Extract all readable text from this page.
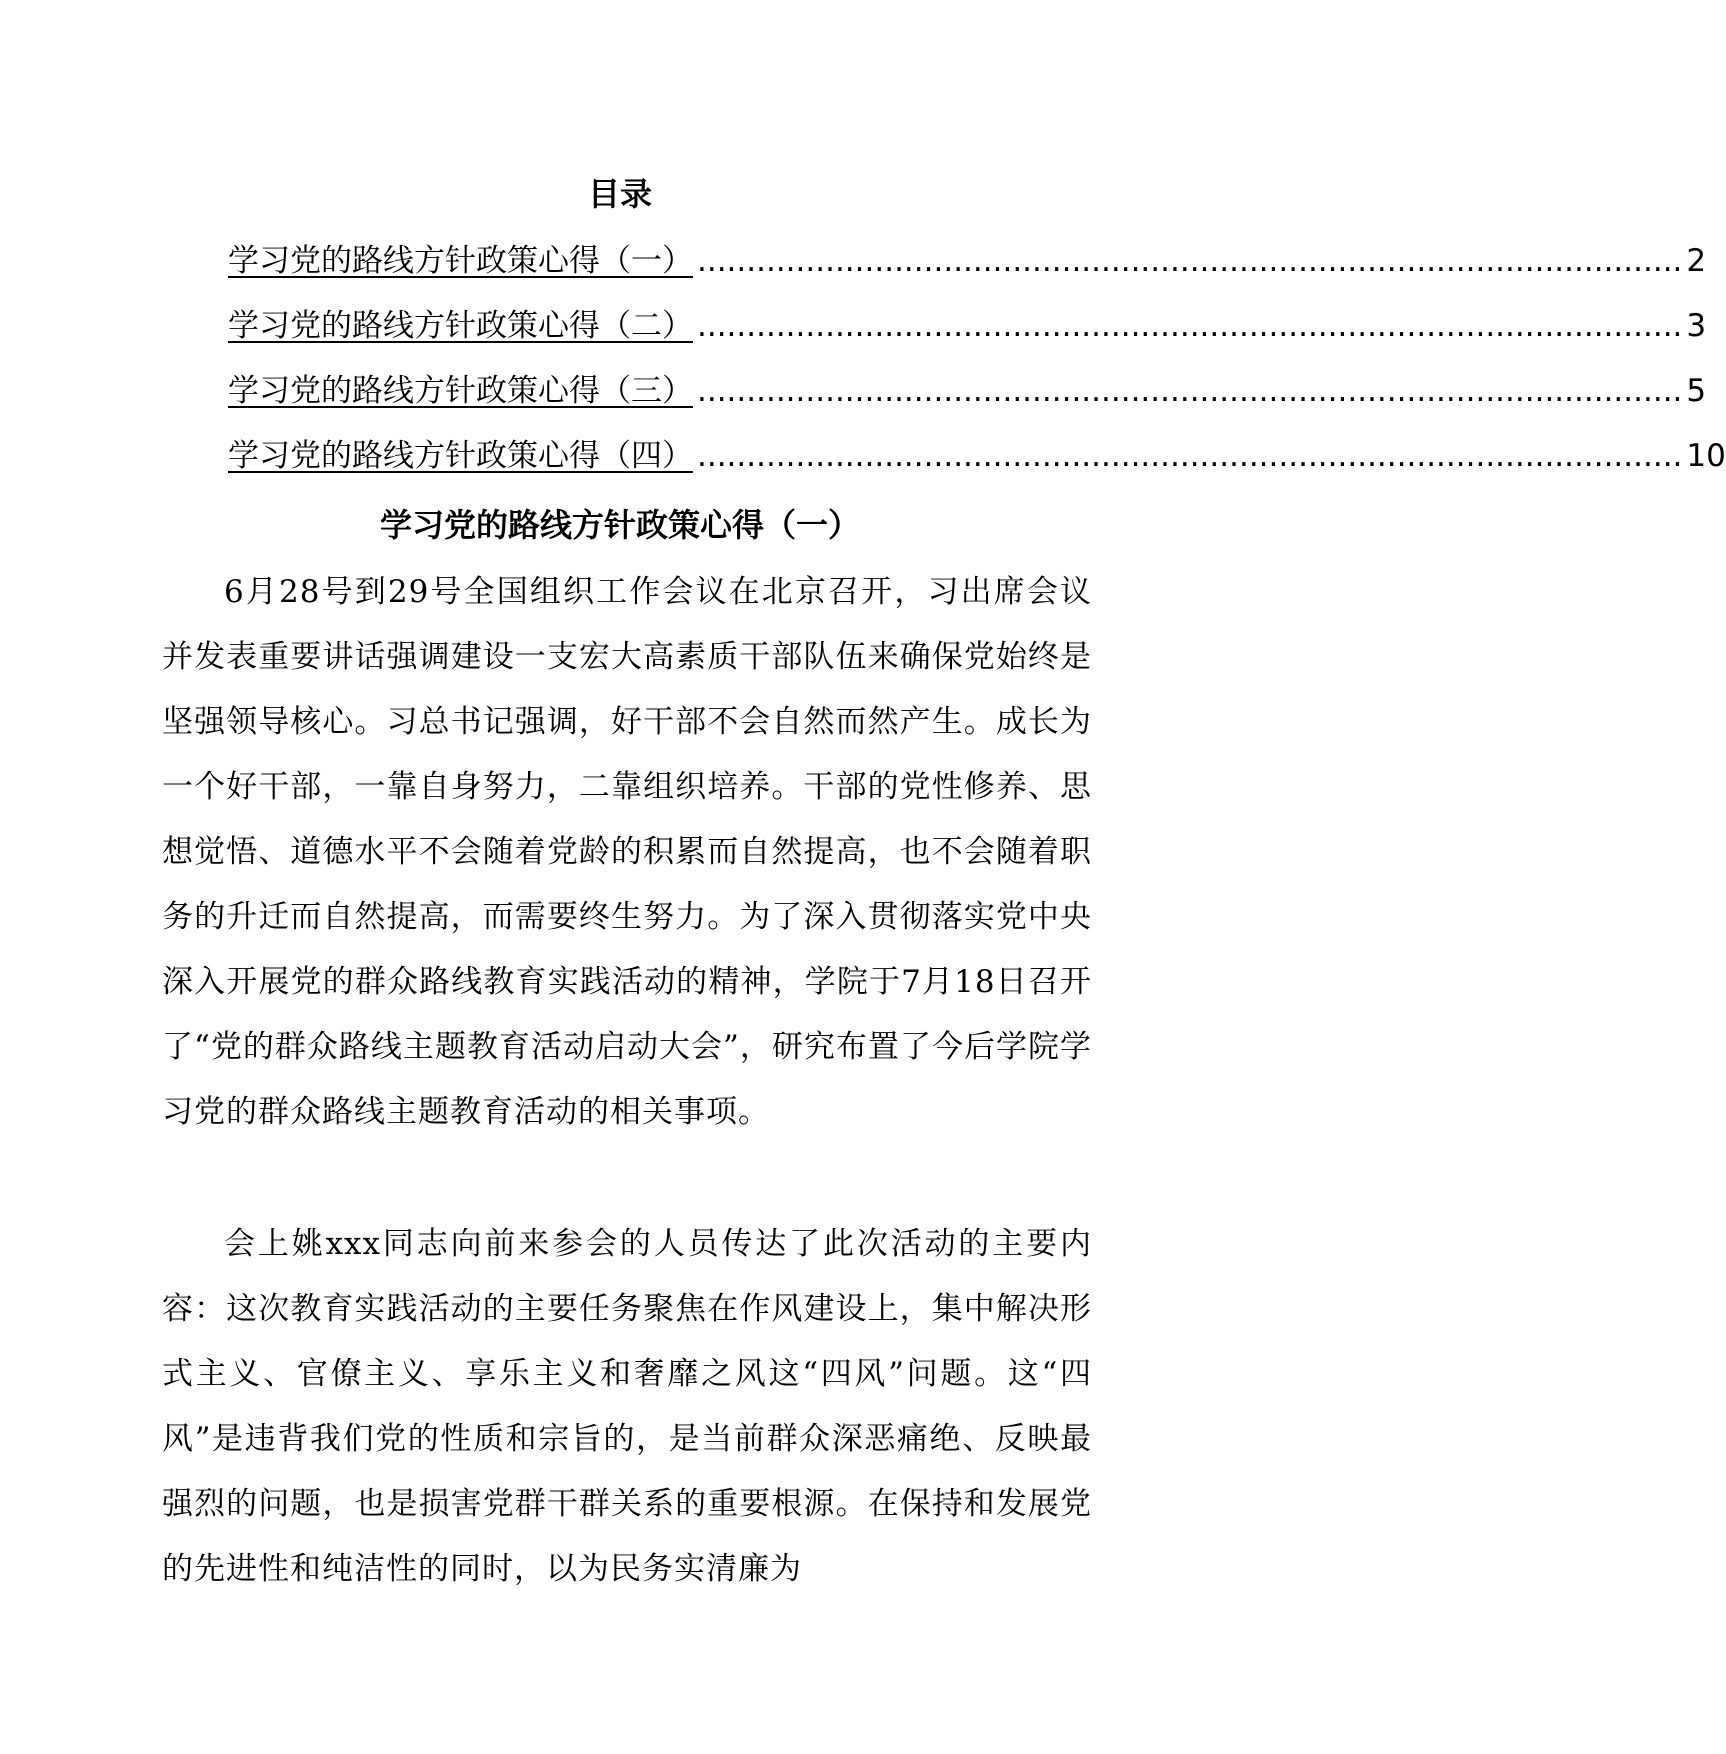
目录
学习党的路线方针政策心得（一） .................................................................................................... 2
学习党的路线方针政策心得（二） .................................................................................................... 3
学习党的路线方针政策心得（三） .................................................................................................... 5
学习党的路线方针政策心得（四） .................................................................................................... 10
学习党的路线方针政策心得（一）

6月28号到29号全国组织工作会议在北京召开，习出席会议并发表重要讲话强调建设一支宏大高素质干部队伍来确保党始终是坚强领导核心。习总书记强调，好干部不会自然而然产生。成长为一个好干部，一靠自身努力，二靠组织培养。干部的党性修养、思想觉悟、道德水平不会随着党龄的积累而自然提高，也不会随着职务的升迁而自然提高，而需要终生努力。为了深入贯彻落实党中央深入开展党的群众路线教育实践活动的精神，学院于7月18日召开了“党的群众路线主题教育活动启动大会”，研究布置了今后学院学习党的群众路线主题教育活动的相关事项。

会上姚xxx同志向前来参会的人员传达了此次活动的主要内容：这次教育实践活动的主要任务聚焦在作风建设上，集中解决形式主义、官僚主义、享乐主义和奢靡之风这“四风”问题。这“四风”是违背我们党的性质和宗旨的，是当前群众深恶痛绝、反映最强烈的问题，也是损害党群干群关系的重要根源。在保持和发展党的先进性和纯洁性的同时，以为民务实清廉为
